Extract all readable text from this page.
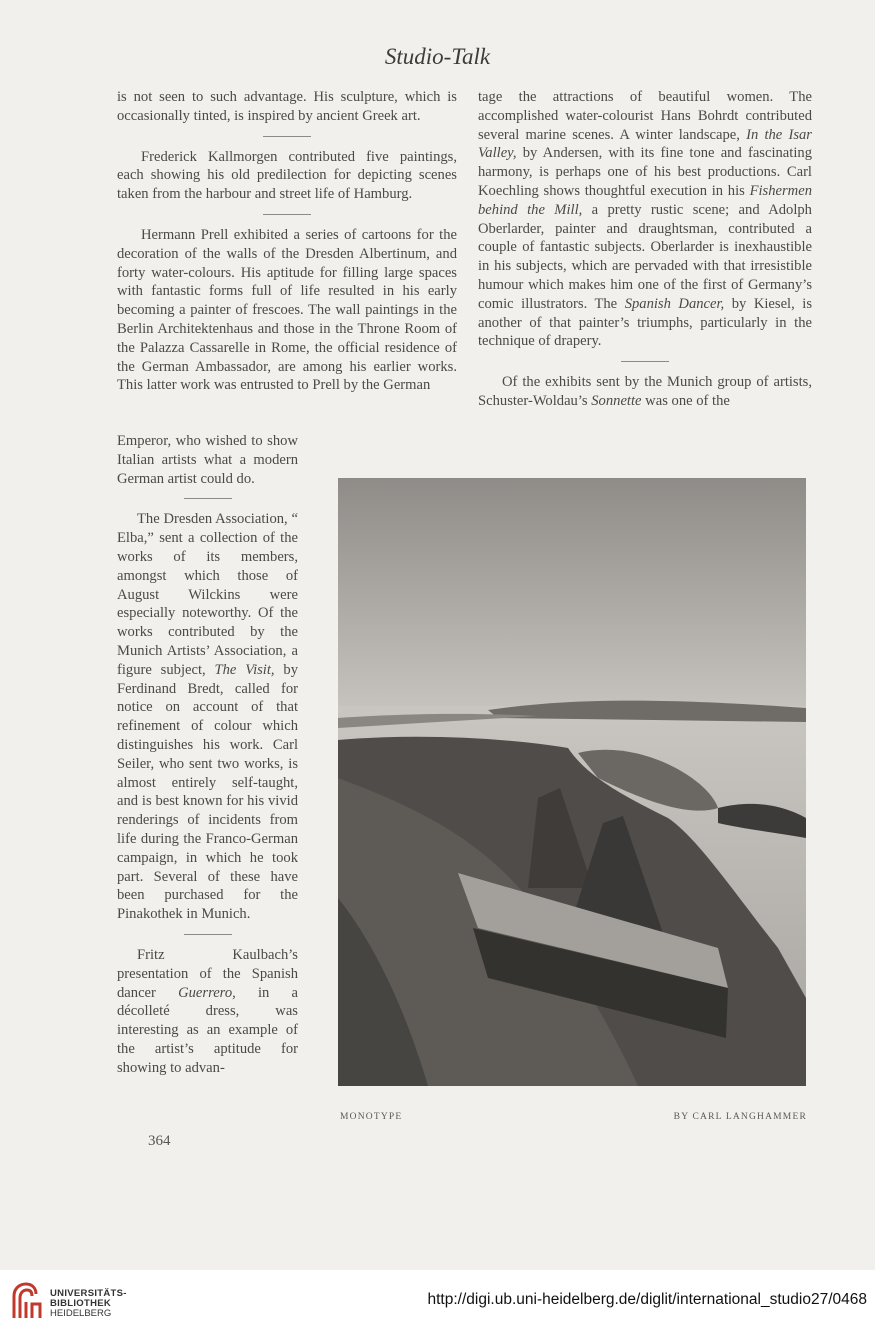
Studio-Talk

is not seen to such advantage. His sculpture, which is occasionally tinted, is inspired by ancient Greek art.

Frederick Kallmorgen contributed five paintings, each showing his old predilection for depicting scenes taken from the harbour and street life of Hamburg.

Hermann Prell exhibited a series of cartoons for the decoration of the walls of the Dresden Albertinum, and forty water-colours. His aptitude for filling large spaces with fantastic forms full of life resulted in his early becoming a painter of frescoes. The wall paintings in the Berlin Architektenhaus and those in the Throne Room of the Palazza Cassarelle in Rome, the official residence of the German Ambassador, are among his earlier works. This latter work was entrusted to Prell by the German

Emperor, who wished to show Italian artists what a modern German artist could do.

The Dresden Association, “ Elba,” sent a collection of the works of its members, amongst which those of August Wilckins were especially noteworthy. Of the works contributed by the Munich Artists’ Association, a figure subject, The Visit, by Ferdinand Bredt, called for notice on account of that refinement of colour which distinguishes his work. Carl Seiler, who sent two works, is almost entirely self-taught, and is best known for his vivid renderings of incidents from life during the Franco-German campaign, in which he took part. Several of these have been purchased for the Pinakothek in Munich.

Fritz Kaulbach’s presentation of the Spanish dancer Guerrero, in a décolleté dress, was interesting as an example of the artist’s aptitude for showing to advan-

tage the attractions of beautiful women. The accomplished water-colourist Hans Bohrdt contributed several marine scenes. A winter landscape, In the Isar Valley, by Andersen, with its fine tone and fascinating harmony, is perhaps one of his best productions. Carl Koechling shows thoughtful execution in his Fishermen behind the Mill, a pretty rustic scene; and Adolph Oberlarder, painter and draughtsman, contributed a couple of fantastic subjects. Oberlarder is inexhaustible in his subjects, which are pervaded with that irresistible humour which makes him one of the first of Germany’s comic illustrators. The Spanish Dancer, by Kiesel, is another of that painter’s triumphs, particularly in the technique of drapery.

Of the exhibits sent by the Munich group of artists, Schuster-Woldau’s Sonnette was one of the

MONOTYPE	BY CARL LANGHAMMER
364
UNIVERSITÄTS-
BIBLIOTHEK
HEIDELBERG
http://digi.ub.uni-heidelberg.de/diglit/international_studio27/0468
